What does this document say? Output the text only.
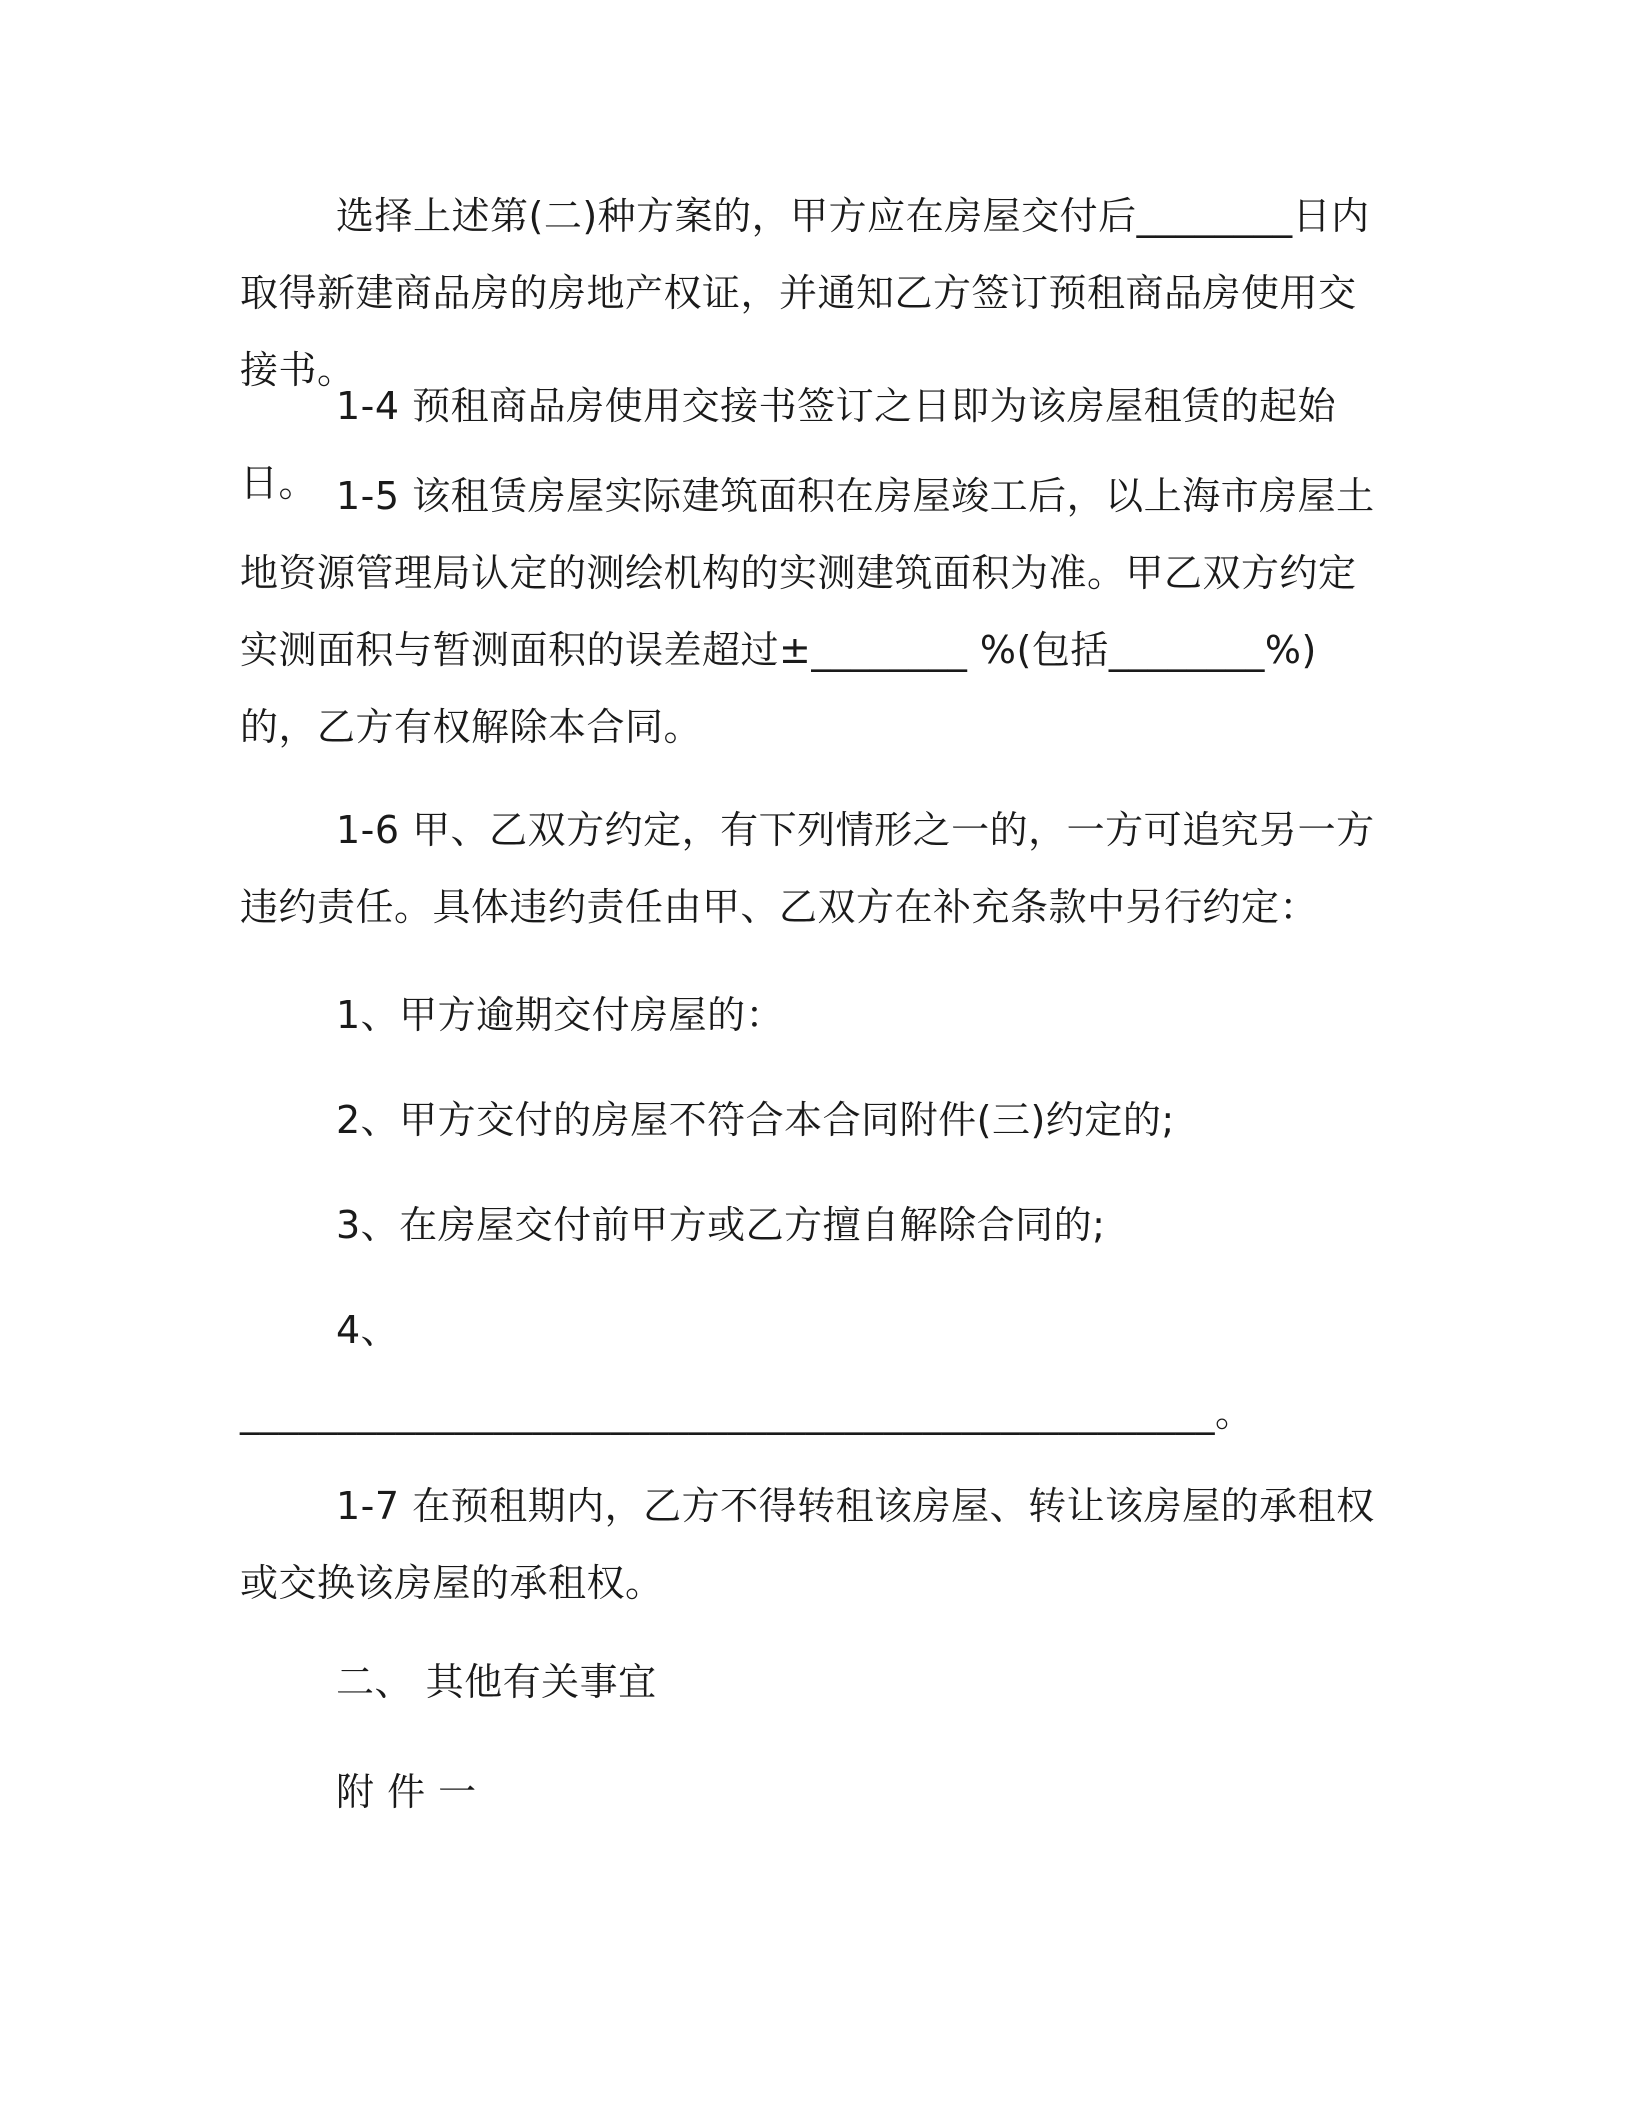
选择上述第(二)种方案的，甲方应在房屋交付后________日内取得新建商品房的房地产权证，并通知乙方签订预租商品房使用交接书。

1-4 预租商品房使用交接书签订之日即为该房屋租赁的起始日。 1-5 该租赁房屋实际建筑面积在房屋竣工后，以上海市房屋土地资源管理局认定的测绘机构的实测建筑面积为准。甲乙双方约定实测面积与暂测面积的误差超过±________ %(包括________%)的，乙方有权解除本合同。

1-6 甲、乙双方约定，有下列情形之一的，一方可追究另一方违约责任。具体违约责任由甲、乙双方在补充条款中另行约定：

1、甲方逾期交付房屋的：

2、甲方交付的房屋不符合本合同附件(三)约定的;

3、在房屋交付前甲方或乙方擅自解除合同的;

4、

__________________________________________________。

1-7 在预租期内，乙方不得转租该房屋、转让该房屋的承租权或交换该房屋的承租权。

二、 其他有关事宜

附 件 一
